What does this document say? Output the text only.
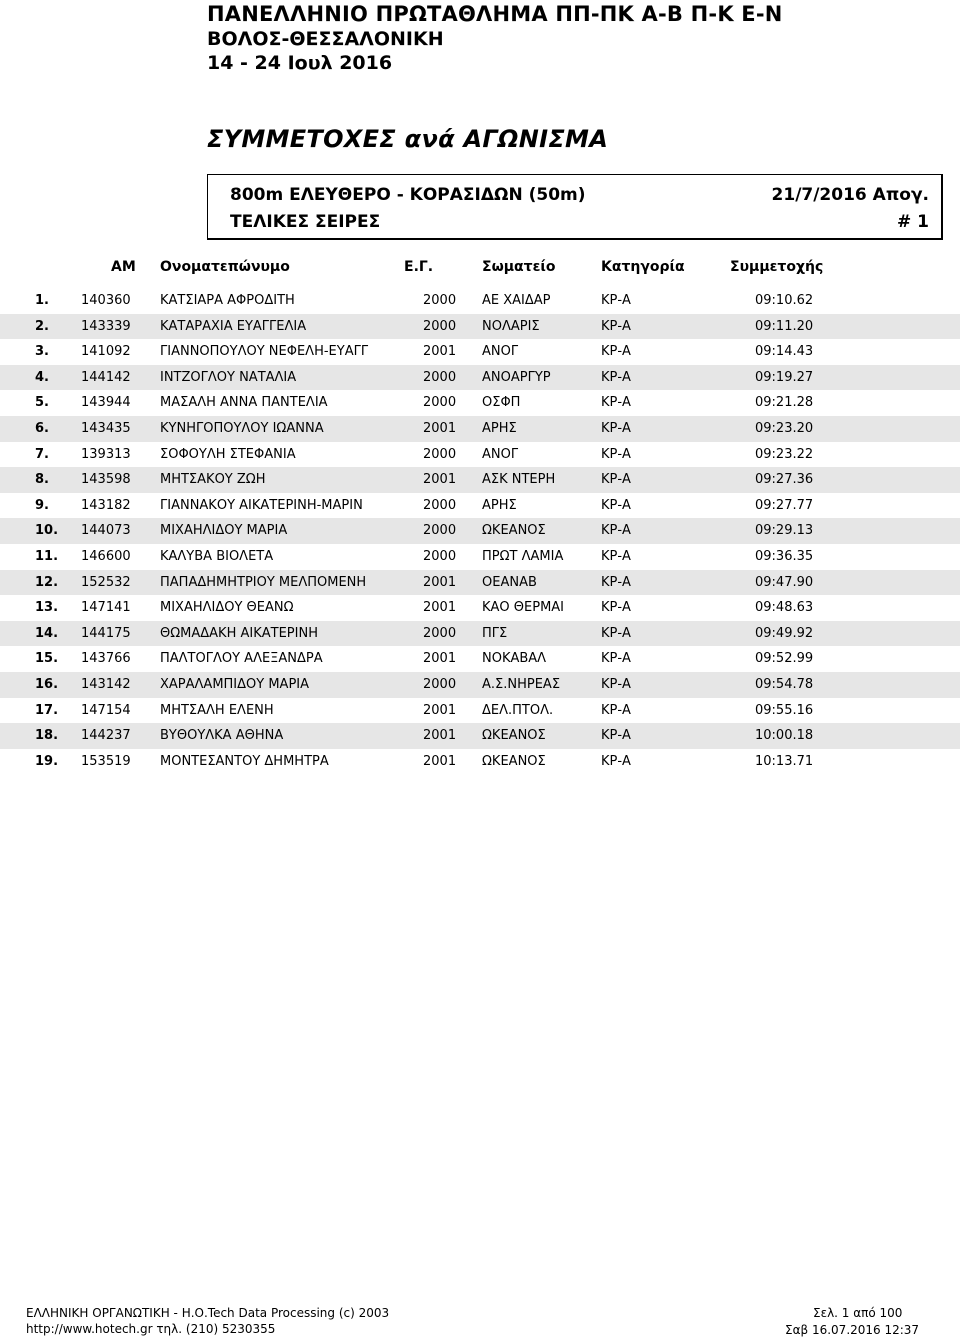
ΠΑΝΕΛΛΗΝΙΟ ΠΡΩΤΑΘΛΗΜΑ ΠΠ-ΠΚ Α-Β Π-Κ Ε-Ν
ΒΟΛΟΣ-ΘΕΣΣΑΛΟΝΙΚΗ
14 - 24 Ιουλ 2016
ΣΥΜΜΕΤΟΧΕΣ ανά ΑΓΩΝΙΣΜΑ
800m ΕΛΕΥΘΕΡΟ - ΚΟΡΑΣΙΔΩΝ (50m)	21/7/2016 Απογ.
ΤΕΛΙΚΕΣ ΣΕΙΡΕΣ	# 1
ΑΜ Ονοματεπώνυμο	Ε.Γ.	Σωματείο	Κατηγορία	Συμμετοχής
1. 140360 ΚΑΤΣΙΑΡΑ ΑΦΡΟΔΙΤΗ	2000 ΑΕ ΧΑΙΔΑΡ	ΚΡ-Α	09:10.62
2. 143339 ΚΑΤΑΡΑΧΙΑ ΕΥΑΓΓΕΛΙΑ	2000 ΝΟΛΑΡΙΣ	ΚΡ-Α	09:11.20
3. 141092 ΓΙΑΝΝΟΠΟΥΛΟΥ ΝΕΦΕΛΗ-ΕΥΑΓΓ	2001 ΑΝΟΓ	ΚΡ-Α	09:14.43
4. 144142 ΙΝΤΖΟΓΛΟΥ ΝΑΤΑΛΙΑ	2000 ΑΝΟΑΡΓΥΡ	ΚΡ-Α	09:19.27
5. 143944 ΜΑΣΑΛΗ ΑΝΝΑ ΠΑΝΤΕΛΙΑ	2000 ΟΣΦΠ	ΚΡ-Α	09:21.28
6. 143435 ΚΥΝΗΓΟΠΟΥΛΟΥ ΙΩΑΝΝΑ	2001 ΑΡΗΣ	ΚΡ-Α	09:23.20
7. 139313 ΣΟΦΟΥΛΗ ΣΤΕΦΑΝΙΑ	2000 ΑΝΟΓ	ΚΡ-Α	09:23.22
8. 143598 ΜΗΤΣΑΚΟΥ ΖΩΗ	2001 ΑΣΚ ΝΤΕΡΗ	ΚΡ-Α	09:27.36
9. 143182 ΓΙΑΝΝΑΚΟΥ ΑΙΚΑΤΕΡΙΝΗ-ΜΑΡΙΝ	2000 ΑΡΗΣ	ΚΡ-Α	09:27.77
10. 144073 ΜΙΧΑΗΛΙΔΟΥ ΜΑΡΙΑ	2000 ΩΚΕΑΝΟΣ	ΚΡ-Α	09:29.13
11. 146600 ΚΑΛΥΒΑ ΒΙΟΛΕΤΑ	2000 ΠΡΩΤ ΛΑΜΙΑ	ΚΡ-Α	09:36.35
12. 152532 ΠΑΠΑΔΗΜΗΤΡΙΟΥ ΜΕΛΠΟΜΕΝΗ	2001 ΟΕΑΝΑΒ	ΚΡ-Α	09:47.90
13. 147141 ΜΙΧΑΗΛΙΔΟΥ ΘΕΑΝΩ	2001 ΚΑΟ ΘΕΡΜΑΙ	ΚΡ-Α	09:48.63
14. 144175 ΘΩΜΑΔΑΚΗ ΑΙΚΑΤΕΡΙΝΗ	2000 ΠΓΣ	ΚΡ-Α	09:49.92
15. 143766 ΠΑΛΤΟΓΛΟΥ ΑΛΕΞΑΝΔΡΑ	2001 ΝΟΚΑΒΑΛ	ΚΡ-Α	09:52.99
16. 143142 ΧΑΡΑΛΑΜΠΙΔΟΥ ΜΑΡΙΑ	2000 Α.Σ.ΝΗΡΕΑΣ	ΚΡ-Α	09:54.78
17. 147154 ΜΗΤΣΑΛΗ ΕΛΕΝΗ	2001 ΔΕΛ.ΠΤΟΛ.	ΚΡ-Α	09:55.16
18. 144237 ΒΥΘΟΥΛΚΑ ΑΘΗΝΑ	2001 ΩΚΕΑΝΟΣ	ΚΡ-Α	10:00.18
19. 153519 ΜΟΝΤΕΣΑΝΤΟΥ ΔΗΜΗΤΡΑ	2001 ΩΚΕΑΝΟΣ	ΚΡ-Α	10:13.71
ΕΛΛΗΝΙΚΗ ΟΡΓΑΝΩΤΙΚΗ - Η.Ο.Tech Data Processing (c) 2003
http://www.hotech.gr τηλ. (210) 5230355
Σελ. 1 από 100
Σαβ 16.07.2016 12:37
